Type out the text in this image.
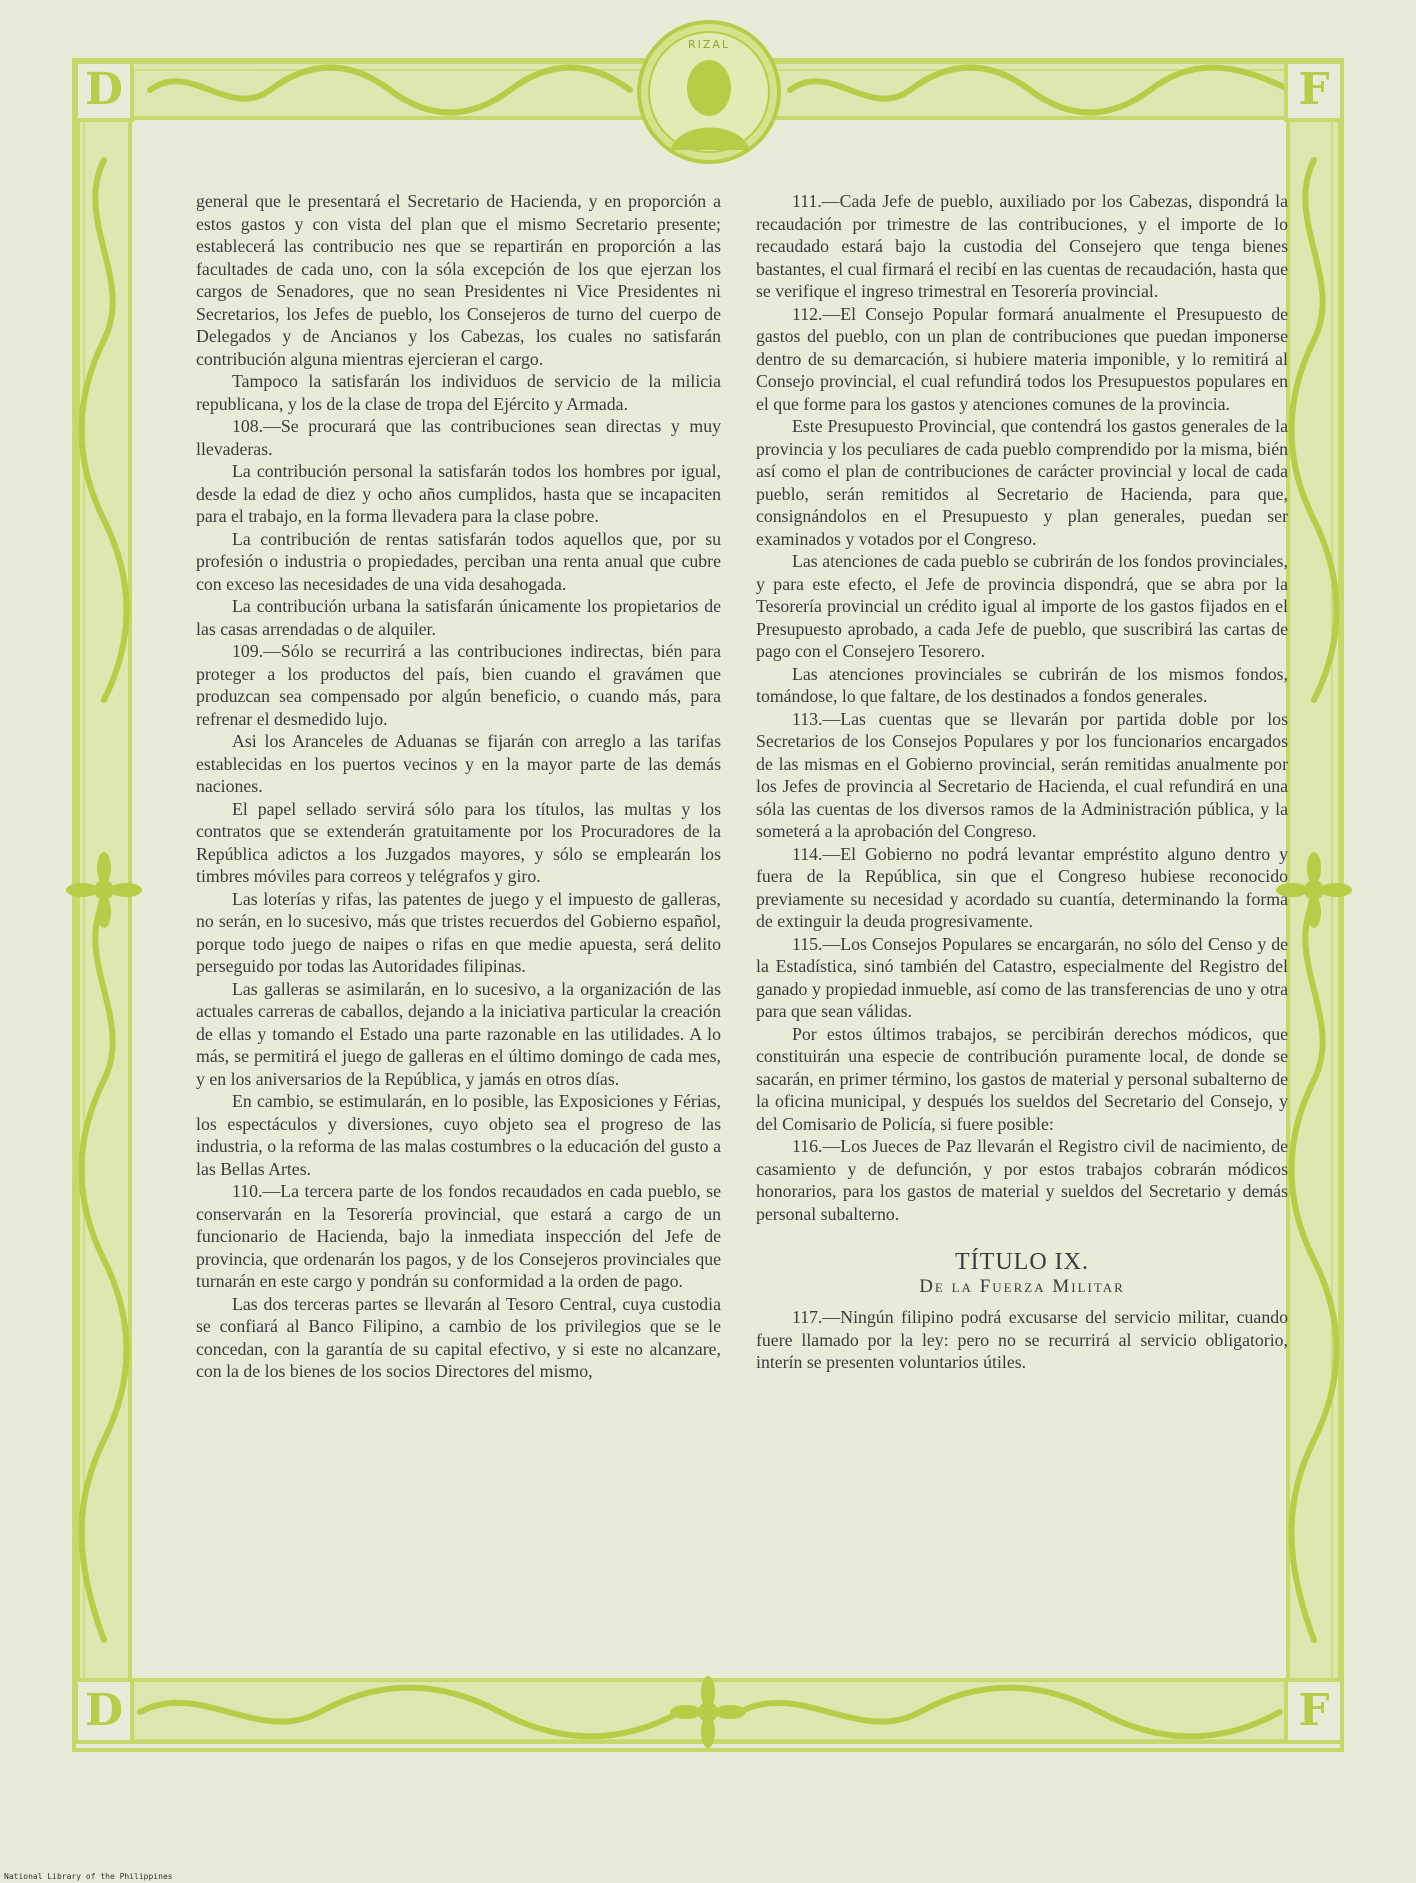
D	F
D	F
RIZAL

general que le presentará el Secretario de Hacienda, y en proporción a estos gastos y con vista del plan que el mismo Secretario presente; establecerá las contribucio nes que se repartirán en proporción a las facultades de cada uno, con la sóla excepción de los que ejerzan los cargos de Senadores, que no sean Presidentes ni Vice Presidentes ni Secretarios, los Jefes de pueblo, los Consejeros de turno del cuerpo de Delegados y de Ancianos y los Cabezas, los cuales no satisfarán contribución alguna mientras ejercieran el cargo.

Tampoco la satisfarán los individuos de servicio de la milicia republicana, y los de la clase de tropa del Ejército y Armada.

108.—Se procurará que las contribuciones sean directas y muy llevaderas.

La contribución personal la satisfarán todos los hombres por igual, desde la edad de diez y ocho años cumplidos, hasta que se incapaciten para el trabajo, en la forma llevadera para la clase pobre.

La contribución de rentas satisfarán todos aquellos que, por su profesión o industria o propiedades, perciban una renta anual que cubre con exceso las necesidades de una vida desahogada.

La contribución urbana la satisfarán únicamente los propietarios de las casas arrendadas o de alquiler.

109.—Sólo se recurrirá a las contribuciones indirectas, bién para proteger a los productos del país, bien cuando el gravámen que produzcan sea compensado por algún beneficio, o cuando más, para refrenar el desmedido lujo.

Asi los Aranceles de Aduanas se fijarán con arreglo a las tarifas establecidas en los puertos vecinos y en la mayor parte de las demás naciones.

El papel sellado servirá sólo para los títulos, las multas y los contratos que se extenderán gratuitamente por los Procuradores de la República adictos a los Juzgados mayores, y sólo se emplearán los timbres móviles para correos y telégrafos y giro.

Las loterías y rifas, las patentes de juego y el impuesto de galleras, no serán, en lo sucesivo, más que tristes recuerdos del Gobierno español, porque todo juego de naipes o rifas en que medie apuesta, será delito perseguido por todas las Autoridades filipinas.

Las galleras se asimilarán, en lo sucesivo, a la organización de las actuales carreras de caballos, dejando a la iniciativa particular la creación de ellas y tomando el Estado una parte razonable en las utilidades. A lo más, se permitirá el juego de galleras en el último domingo de cada mes, y en los aniversarios de la República, y jamás en otros días.

En cambio, se estimularán, en lo posible, las Exposiciones y Férias, los espectáculos y diversiones, cuyo objeto sea el progreso de las industria, o la reforma de las malas costumbres o la educación del gusto a las Bellas Artes.

110.—La tercera parte de los fondos recaudados en cada pueblo, se conservarán en la Tesorería provincial, que estará a cargo de un funcionario de Hacienda, bajo la inmediata inspección del Jefe de provincia, que ordenarán los pagos, y de los Consejeros provinciales que turnarán en este cargo y pondrán su conformidad a la orden de pago.

Las dos terceras partes se llevarán al Tesoro Central, cuya custodia se confiará al Banco Filipino, a cambio de los privilegios que se le concedan, con la garantía de su capital efectivo, y si este no alcanzare, con la de los bienes de los socios Directores del mismo,

111.—Cada Jefe de pueblo, auxiliado por los Cabezas, dispondrá la recaudación por trimestre de las contribuciones, y el importe de lo recaudado estará bajo la custodia del Consejero que tenga bienes bastantes, el cual firmará el recibí en las cuentas de recaudación, hasta que se verifique el ingreso trimestral en Tesorería provincial.

112.—El Consejo Popular formará anualmente el Presupuesto de gastos del pueblo, con un plan de contribuciones que puedan imponerse dentro de su demarcación, si hubiere materia imponible, y lo remitirá al Consejo provincial, el cual refundirá todos los Presupuestos populares en el que forme para los gastos y atenciones comunes de la provincia.

Este Presupuesto Provincial, que contendrá los gastos generales de la provincia y los peculiares de cada pueblo comprendido por la misma, bién así como el plan de contribuciones de carácter provincial y local de cada pueblo, serán remitidos al Secretario de Hacienda, para que, consignándolos en el Presupuesto y plan generales, puedan ser examinados y votados por el Congreso.

Las atenciones de cada pueblo se cubrirán de los fondos provinciales, y para este efecto, el Jefe de provincia dispondrá, que se abra por la Tesorería provincial un crédito igual al importe de los gastos fijados en el Presupuesto aprobado, a cada Jefe de pueblo, que suscribirá las cartas de pago con el Consejero Tesorero.

Las atenciones provinciales se cubrirán de los mismos fondos, tomándose, lo que faltare, de los destinados a fondos generales.

113.—Las cuentas que se llevarán por partida doble por los Secretarios de los Consejos Populares y por los funcionarios encargados de las mismas en el Gobierno provincial, serán remitidas anualmente por los Jefes de provincia al Secretario de Hacienda, el cual refundirá en una sóla las cuentas de los diversos ramos de la Administración pública, y la someterá a la aprobación del Congreso.

114.—El Gobierno no podrá levantar empréstito alguno dentro y fuera de la República, sin que el Congreso hubiese reconocido previamente su necesidad y acordado su cuantía, determinando la forma de extinguir la deuda progresivamente.

115.—Los Consejos Populares se encargarán, no sólo del Censo y de la Estadística, sinó también del Catastro, especialmente del Registro del ganado y propiedad inmueble, así como de las transferencias de uno y otra para que sean válidas.

Por estos últimos trabajos, se percibirán derechos módicos, que constituirán una especie de contribución puramente local, de donde se sacarán, en primer término, los gastos de material y personal subalterno de la oficina municipal, y después los sueldos del Secretario del Consejo, y del Comisario de Policía, si fuere posible:

116.—Los Jueces de Paz llevarán el Registro civil de nacimiento, de casamiento y de defunción, y por estos trabajos cobrarán módicos honorarios, para los gastos de material y sueldos del Secretario y demás personal subalterno.

TÍTULO IX.
De la Fuerza Militar

117.—Ningún filipino podrá excusarse del servicio militar, cuando fuere llamado por la ley: pero no se recurrirá al servicio obligatorio, interín se presenten voluntarios útiles.

National Library of the Philippines
